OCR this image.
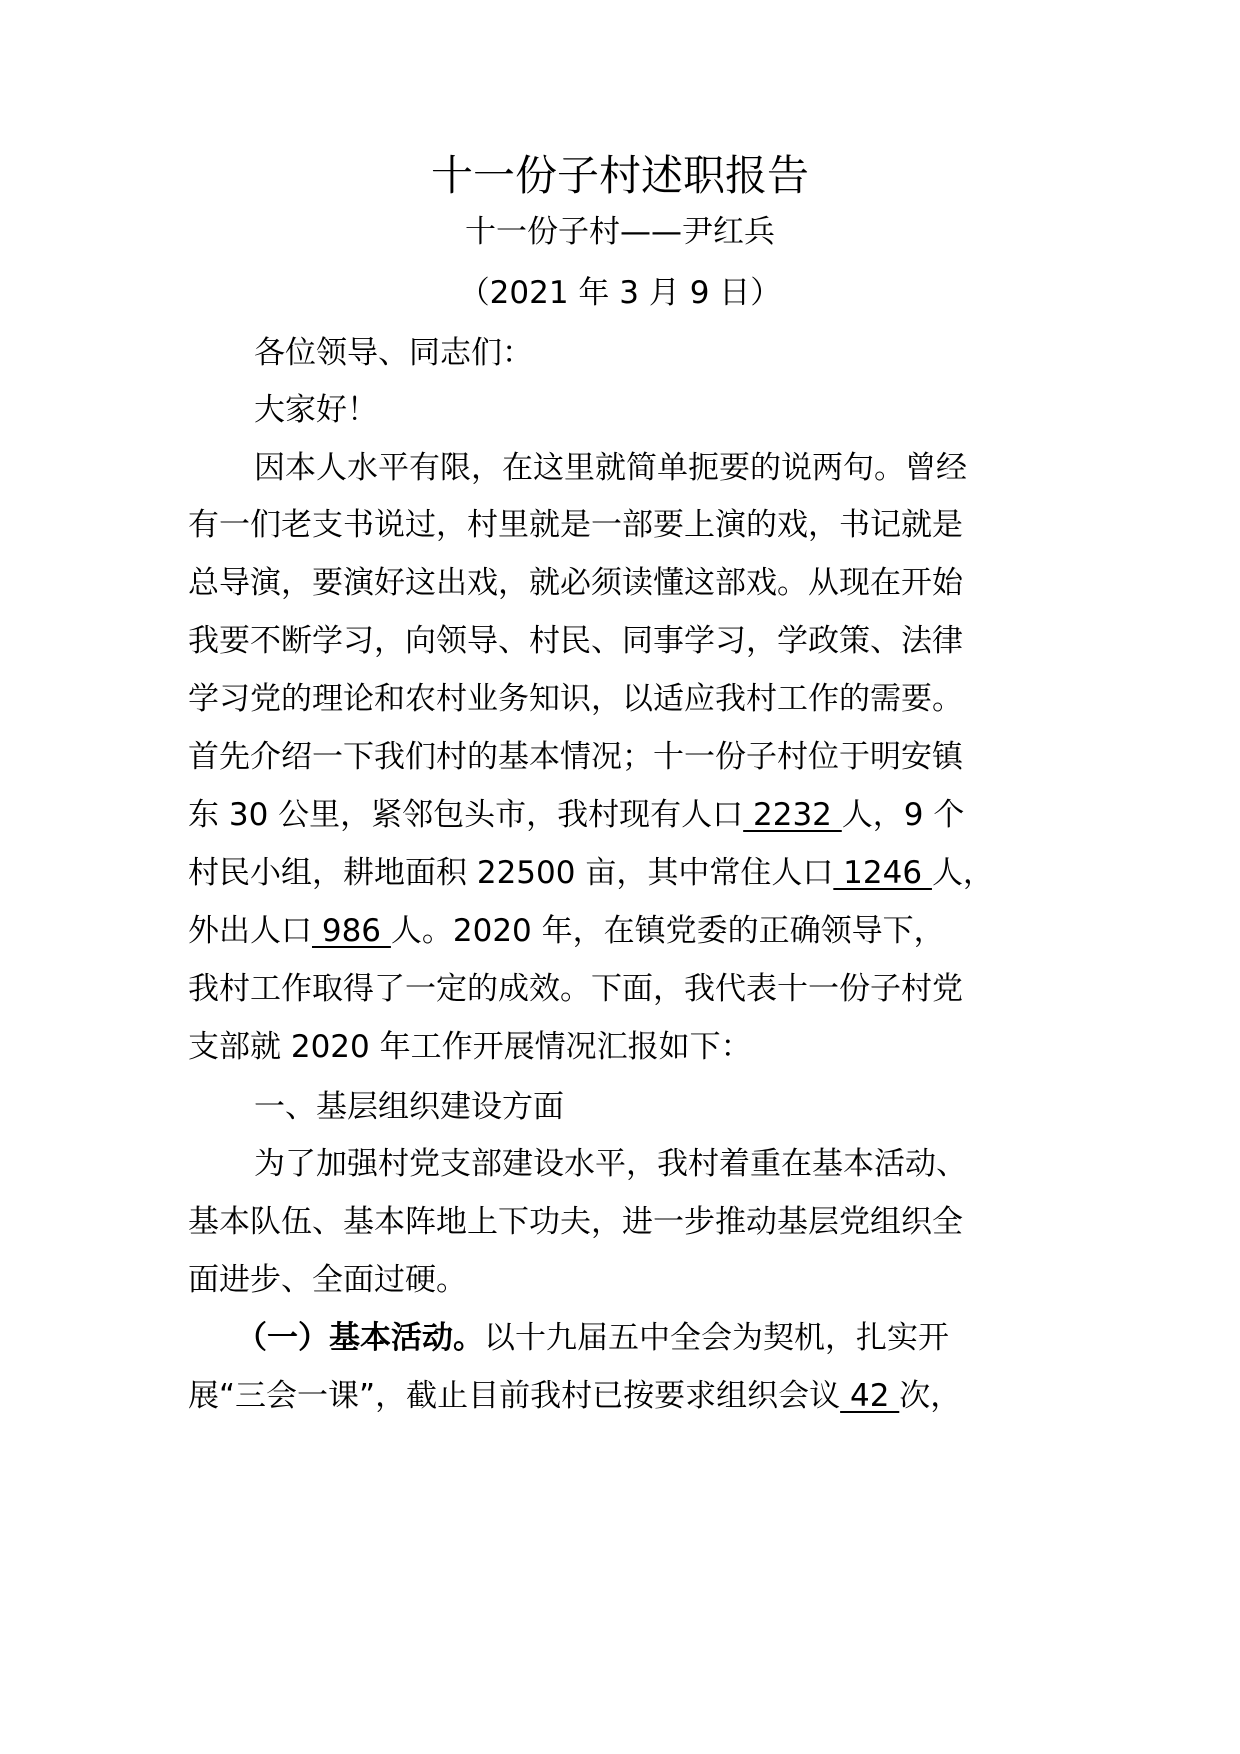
十一份子村述职报告
十一份子村——尹红兵
（2021 年 3 月 9 日）
各位领导、同志们：
大家好！
因本人水平有限，在这里就简单扼要的说两句。曾经
有一们老支书说过，村里就是一部要上演的戏，书记就是
总导演，要演好这出戏，就必须读懂这部戏。从现在开始
我要不断学习，向领导、村民、同事学习，学政策、法律
学习党的理论和农村业务知识，以适应我村工作的需要。
首先介绍一下我们村的基本情况；十一份子村位于明安镇
东 30 公里，紧邻包头市，我村现有人口 2232 人，9 个
村民小组，耕地面积 22500 亩，其中常住人口 1246 人，
外出人口 986 人。2020 年，在镇党委的正确领导下，
我村工作取得了一定的成效。下面，我代表十一份子村党
支部就 2020 年工作开展情况汇报如下：
一、基层组织建设方面
为了加强村党支部建设水平，我村着重在基本活动、
基本队伍、基本阵地上下功夫，进一步推动基层党组织全
面进步、全面过硬。
（一）基本活动。以十九届五中全会为契机，扎实开
展“三会一课”，截止目前我村已按要求组织会议 42 次，
